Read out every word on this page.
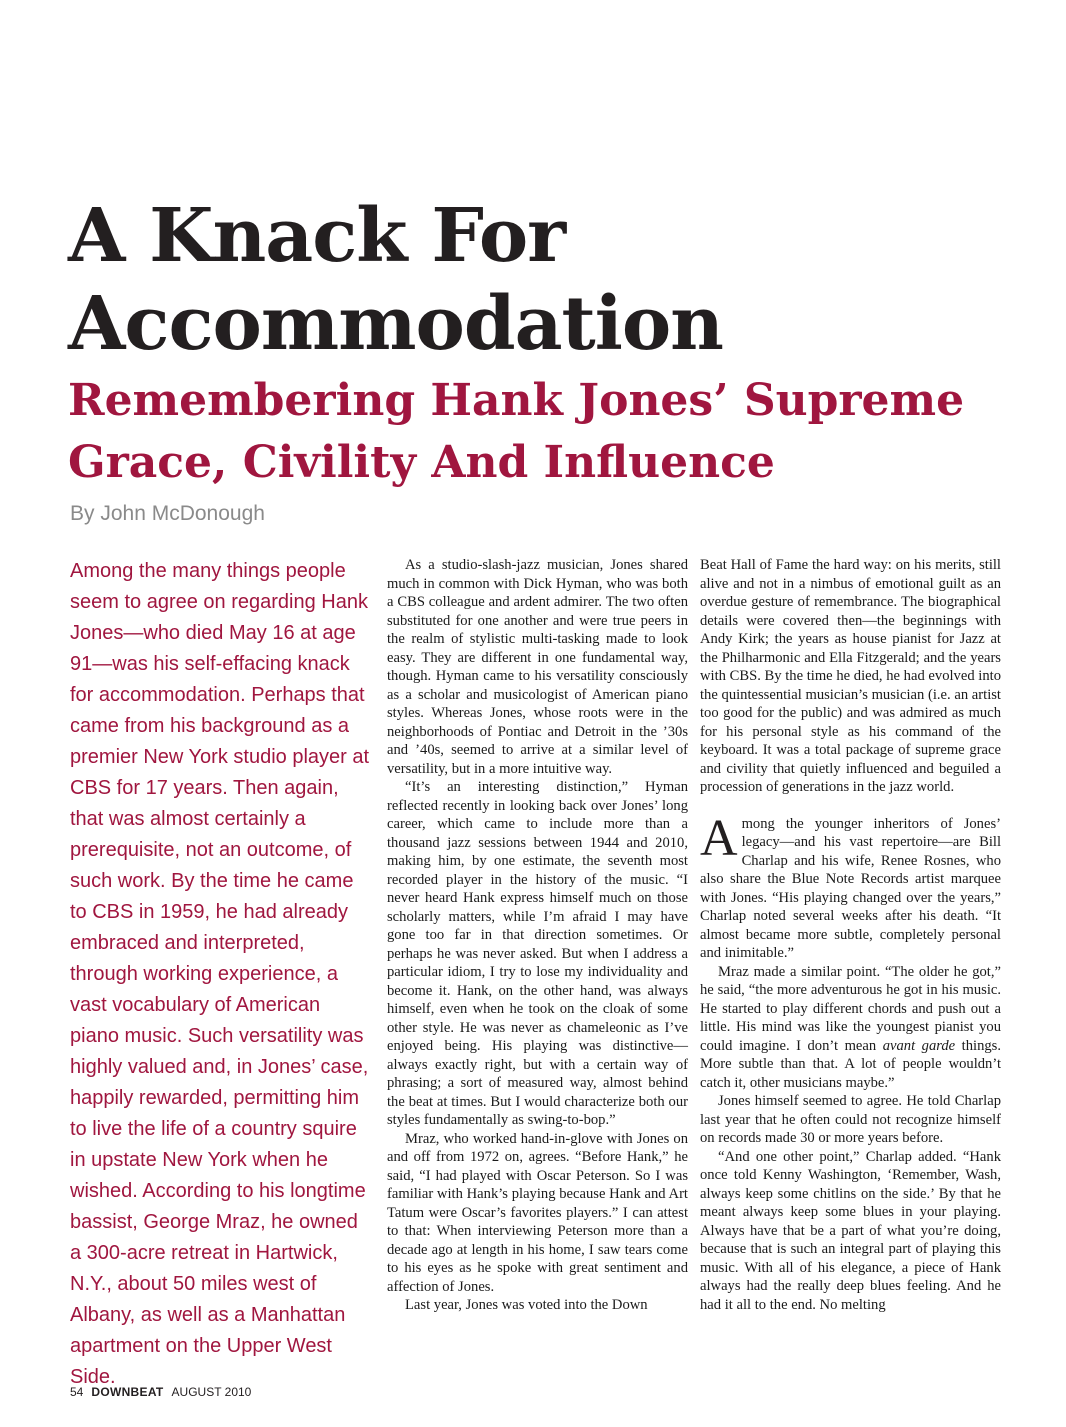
A Knack For
Accommodation
Remembering Hank Jones’ Supreme
Grace, Civility And Influence
By John McDonough
Among the many things people seem to agree on regarding Hank Jones—who died May 16 at age 91—was his self-effacing knack for accommodation. Perhaps that came from his background as a premier New York studio player at CBS for 17 years. Then again, that was almost certainly a prerequisite, not an outcome, of such work. By the time he came to CBS in 1959, he had already embraced and interpreted, through working experience, a vast vocabulary of American piano music. Such versatility was highly valued and, in Jones’ case, happily rewarded, permitting him to live the life of a country squire in upstate New York when he wished. According to his longtime bassist, George Mraz, he owned a 300-acre retreat in Hartwick, N.Y., about 50 miles west of Albany, as well as a Manhattan apartment on the Upper West Side.

As a studio-slash-jazz musician, Jones shared much in common with Dick Hyman, who was both a CBS colleague and ardent admirer. The two often substituted for one another and were true peers in the realm of stylistic multi-tasking made to look easy. They are different in one fundamental way, though. Hyman came to his versatility consciously as a scholar and musicologist of American piano styles. Whereas Jones, whose roots were in the neighborhoods of Pontiac and Detroit in the ’30s and ’40s, seemed to arrive at a similar level of versatility, but in a more intuitive way.

“It’s an interesting distinction,” Hyman reflected recently in looking back over Jones’ long career, which came to include more than a thousand jazz sessions between 1944 and 2010, making him, by one estimate, the seventh most recorded player in the history of the music. “I never heard Hank express himself much on those scholarly matters, while I’m afraid I may have gone too far in that direction sometimes. Or perhaps he was never asked. But when I address a particular idiom, I try to lose my individuality and become it. Hank, on the other hand, was always himself, even when he took on the cloak of some other style. He was never as chameleonic as I’ve enjoyed being. His playing was distinctive—always exactly right, but with a certain way of phrasing; a sort of measured way, almost behind the beat at times. But I would characterize both our styles fundamentally as swing-to-bop.”

Mraz, who worked hand-in-glove with Jones on and off from 1972 on, agrees. “Before Hank,” he said, “I had played with Oscar Peterson. So I was familiar with Hank’s playing because Hank and Art Tatum were Oscar’s favorites players.” I can attest to that: When interviewing Peterson more than a decade ago at length in his home, I saw tears come to his eyes as he spoke with great sentiment and affection of Jones.

Last year, Jones was voted into the Down

Beat Hall of Fame the hard way: on his merits, still alive and not in a nimbus of emotional guilt as an overdue gesture of remembrance. The biographical details were covered then—the beginnings with Andy Kirk; the years as house pianist for Jazz at the Philharmonic and Ella Fitzgerald; and the years with CBS. By the time he died, he had evolved into the quintessential musician’s musician (i.e. an artist too good for the public) and was admired as much for his personal style as his command of the keyboard. It was a total package of supreme grace and civility that quietly influenced and beguiled a procession of generations in the jazz world.

Among the younger inheritors of Jones’ legacy—and his vast repertoire—are Bill Charlap and his wife, Renee Rosnes, who also share the Blue Note Records artist marquee with Jones. “His playing changed over the years,” Charlap noted several weeks after his death. “It almost became more subtle, completely personal and inimitable.”

Mraz made a similar point. “The older he got,” he said, “the more adventurous he got in his music. He started to play different chords and push out a little. His mind was like the youngest pianist you could imagine. I don’t mean avant garde things. More subtle than that. A lot of people wouldn’t catch it, other musicians maybe.”

Jones himself seemed to agree. He told Charlap last year that he often could not recognize himself on records made 30 or more years before.

“And one other point,” Charlap added. “Hank once told Kenny Washington, ‘Remember, Wash, always keep some chitlins on the side.’ By that he meant always keep some blues in your playing. Always have that be a part of what you’re doing, because that is such an integral part of playing this music. With all of his elegance, a piece of Hank always had the really deep blues feeling. And he had it all to the end. No melting

54 DOWNBEAT AUGUST 2010
